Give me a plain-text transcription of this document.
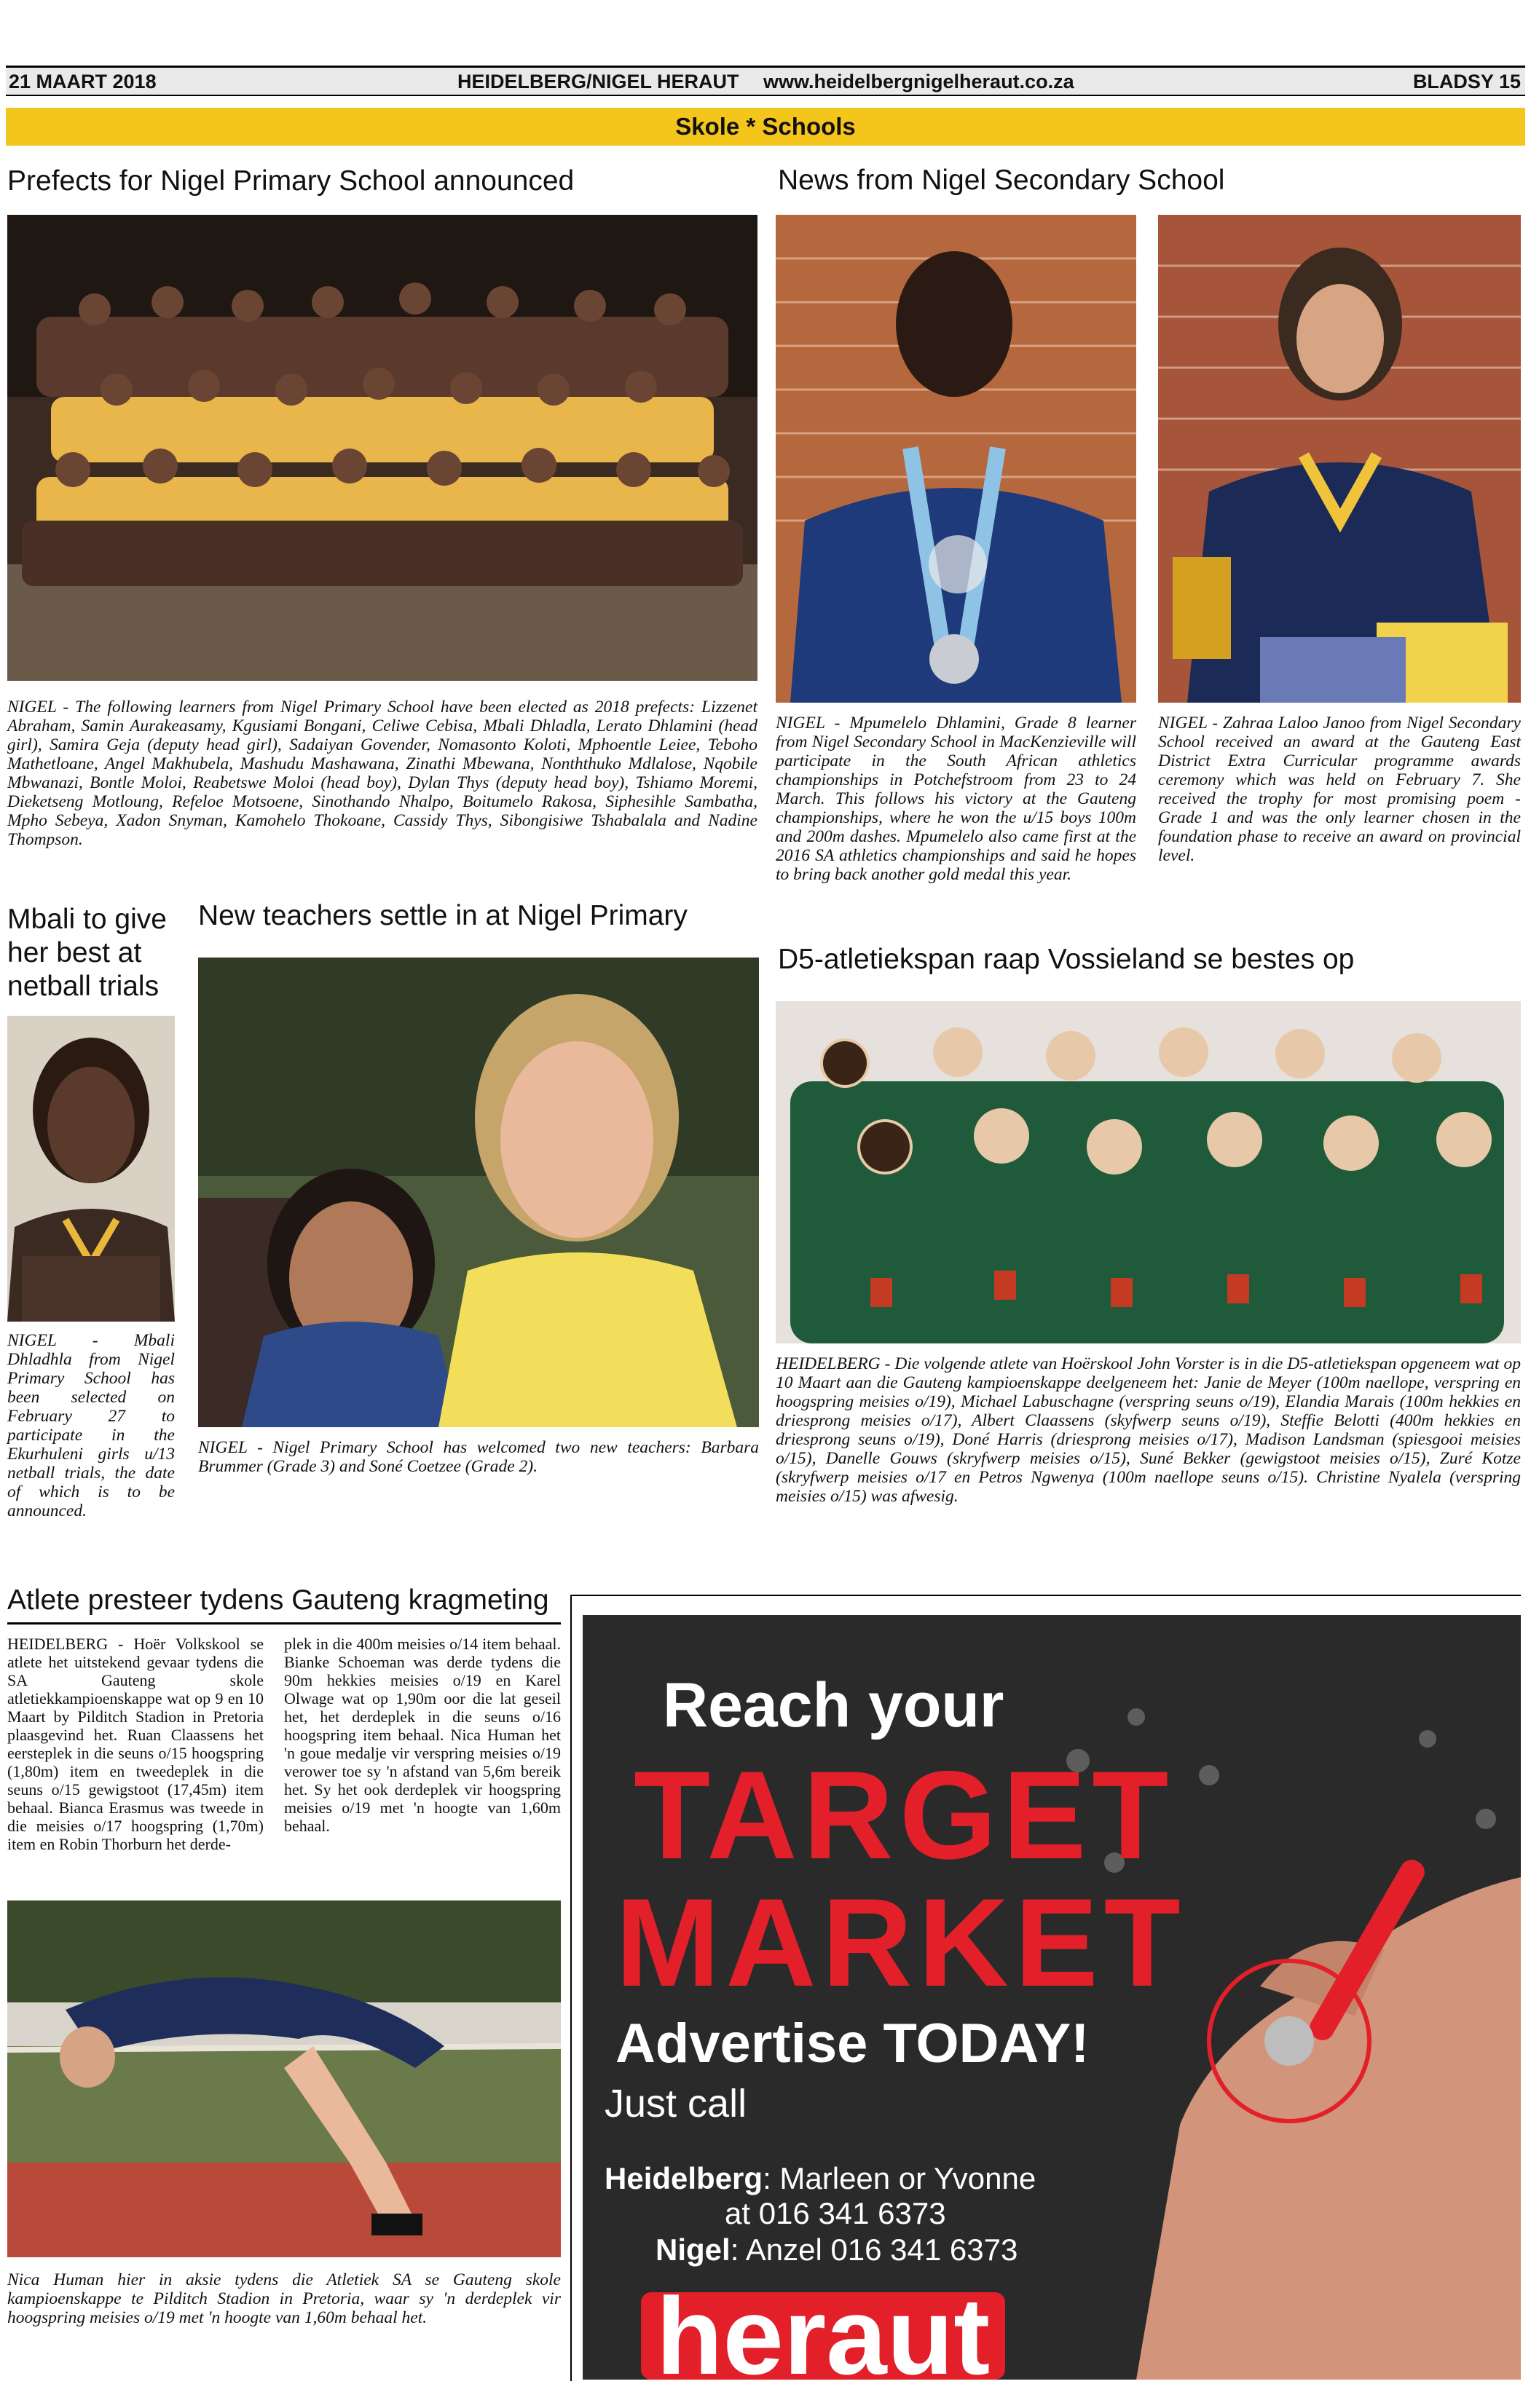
21 MAART 2018	HEIDELBERG/NIGEL HERAUT www.heidelbergnigelheraut.co.za	BLADSY 15
Skole * Schools
Prefects for Nigel Primary School announced
NIGEL - The following learners from Nigel Primary School have been elected as 2018 prefects: Lizzenet Abraham, Samin Aurakeasamy, Kgusiami Bongani, Celiwe Cebisa, Mbali Dhladla, Lerato Dhlamini (head girl), Samira Geja (deputy head girl), Sadaiyan Govender, Nomasonto Koloti, Mphoentle Leiee, Teboho Mathetloane, Angel Makhubela, Mashudu Mashawana, Zinathi Mbewana, Nonththuko Mdlalose, Nqobile Mbwanazi, Bontle Moloi, Reabetswe Moloi (head boy), Dylan Thys (deputy head boy), Tshiamo Moremi, Dieketseng Motloung, Refeloe Motsoene, Sinothando Nhalpo, Boitumelo Rakosa, Siphesihle Sambatha, Mpho Sebeya, Xadon Snyman, Kamohelo Thokoane, Cassidy Thys, Sibongisiwe Tshabalala and Nadine Thompson.
News from Nigel Secondary School
NIGEL - Mpumelelo Dhlamini, Grade 8 learner from Nigel Secondary School in MacKenzieville will participate in the South African athletics championships in Potchefstroom from 23 to 24 March. This follows his victory at the Gauteng championships, where he won the u/15 boys 100m and 200m dashes. Mpumelelo also came first at the 2016 SA athletics championships and said he hopes to bring back another gold medal this year.
NIGEL - Zahraa Laloo Janoo from Nigel Secondary School received an award at the Gauteng East District Extra Curricular programme awards ceremony which was held on February 7. She received the trophy for most promising poem - Grade 1 and was the only learner chosen in the foundation phase to receive an award on provincial level.
Mbali to give her best at netball trials
NIGEL - Mbali Dhladhla from Nigel Primary School has been selected on February 27 to participate in the Ekurhuleni girls u/13 netball trials, the date of which is to be announced.
New teachers settle in at Nigel Primary
NIGEL - Nigel Primary School has welcomed two new teachers: Barbara Brummer (Grade 3) and Soné Coetzee (Grade 2).
D5-atletiekspan raap Vossieland se bestes op
HEIDELBERG - Die volgende atlete van Hoërskool John Vorster is in die D5-atletiekspan opgeneem wat op 10 Maart aan die Gauteng kampioenskappe deelgeneem het: Janie de Meyer (100m naellope, verspring en hoogspring meisies o/19), Michael Labuschagne (verspring seuns o/19), Elandia Marais (100m hekkies en driesprong meisies o/17), Albert Claassens (skyfwerp seuns o/19), Steffie Belotti (400m hekkies en driesprong seuns o/19), Doné Harris (driesprong meisies o/17), Madison Landsman (spiesgooi meisies o/15), Danelle Gouws (skryfwerp meisies o/15), Suné Bekker (gewigstoot meisies o/15), Zuré Kotze (skryfwerp meisies o/17 en Petros Ngwenya (100m naellope seuns o/15). Christine Nyalela (verspring meisies o/15) was afwesig.
Atlete presteer tydens Gauteng kragmeting
HEIDELBERG - Hoër Volkskool se atlete het uitstekend gevaar tydens die SA Gauteng skole atletiekkampioenskappe wat op 9 en 10 Maart by Pilditch Stadion in Pretoria plaasgevind het. Ruan Claassens het eersteplek in die seuns o/15 hoogspring (1,80m) item en tweedeplek in die seuns o/15 gewigstoot (17,45m) item behaal. Bianca Erasmus was tweede in die meisies o/17 hoogspring (1,70m) item en Robin Thorburn het derde-
plek in die 400m meisies o/14 item behaal. Bianke Schoeman was derde tydens die 90m hekkies meisies o/19 en Karel Olwage wat op 1,90m oor die lat geseil het, het derdeplek in die seuns o/16 hoogspring item behaal. Nica Human het 'n goue medalje vir verspring meisies o/19 verower toe sy 'n afstand van 5,6m bereik het. Sy het ook derdeplek vir hoogspring meisies o/19 met 'n hoogte van 1,60m behaal.
Nica Human hier in aksie tydens die Atletiek SA se Gauteng skole kampioenskappe te Pilditch Stadion in Pretoria, waar sy 'n derdeplek vir hoogspring meisies o/19 met 'n hoogte van 1,60m behaal het.
Reach your
TARGET
MARKET
Advertise TODAY!
Just call
Heidelberg: Marleen or Yvonne
at 016 341 6373
Nigel: Anzel 016 341 6373
heraut
